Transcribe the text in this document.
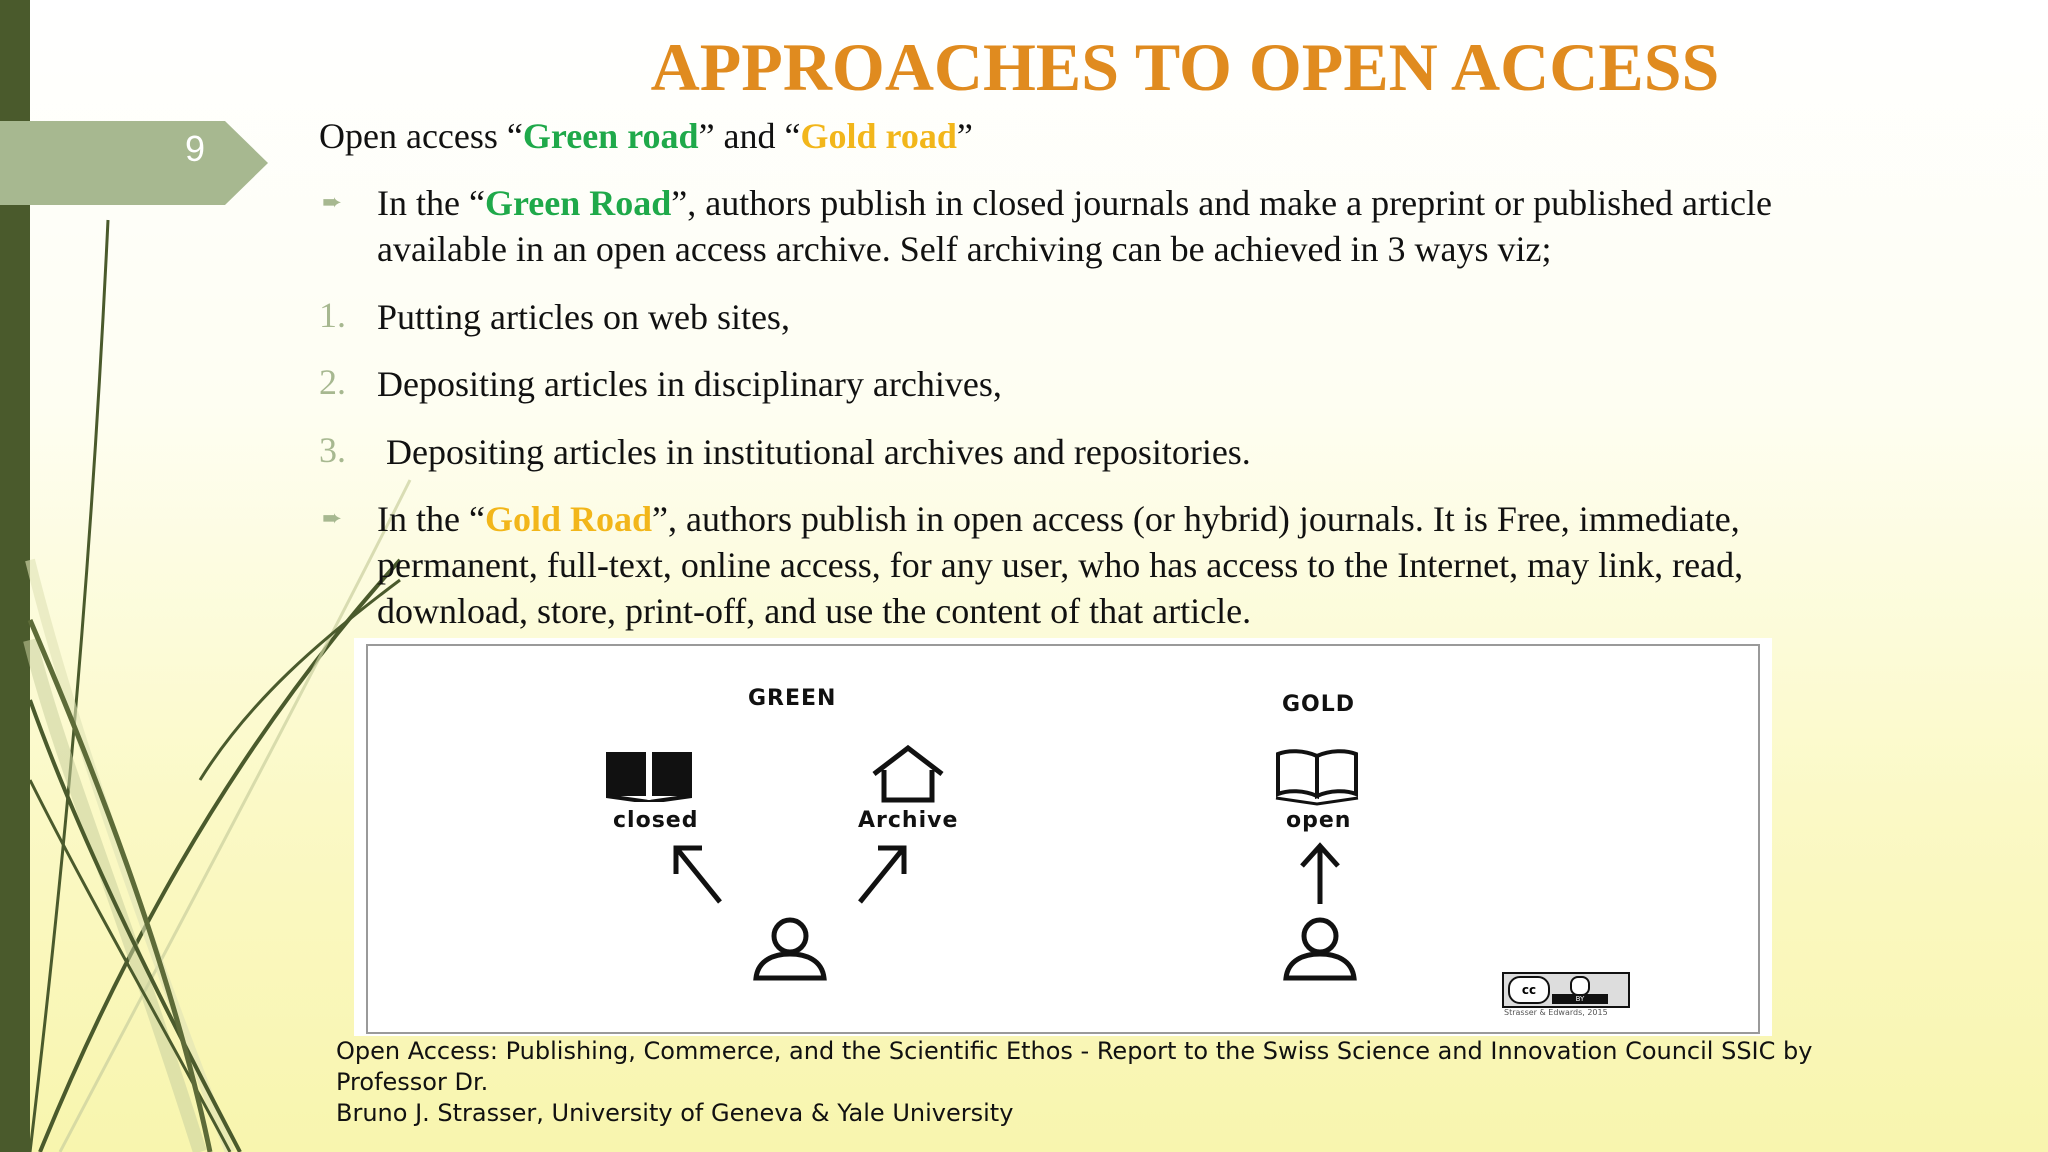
9
APPROACHES TO OPEN ACCESS
Open access “Green road” and “Gold road”
➨ In the “Green Road”, authors publish in closed journals and make a preprint or published article
available in an open access archive. Self archiving can be achieved in 3 ways viz;
1. Putting articles on web sites,
2. Depositing articles in disciplinary archives,
3. Depositing articles in institutional archives and repositories.
➨ In the “Gold Road”, authors publish in open access (or hybrid) journals. It is Free, immediate,
permanent, full-text, online access, for any user, who has access to the Internet, may link, read,
download, store, print-off, and use the content of that article.
GREEN	GOLD
closed	Archive	open
cc
BY
Strasser & Edwards, 2015
Open Access: Publishing, Commerce, and the Scientific Ethos - Report to the Swiss Science and Innovation Council SSIC by Professor Dr.
Bruno J. Strasser, University of Geneva & Yale University
